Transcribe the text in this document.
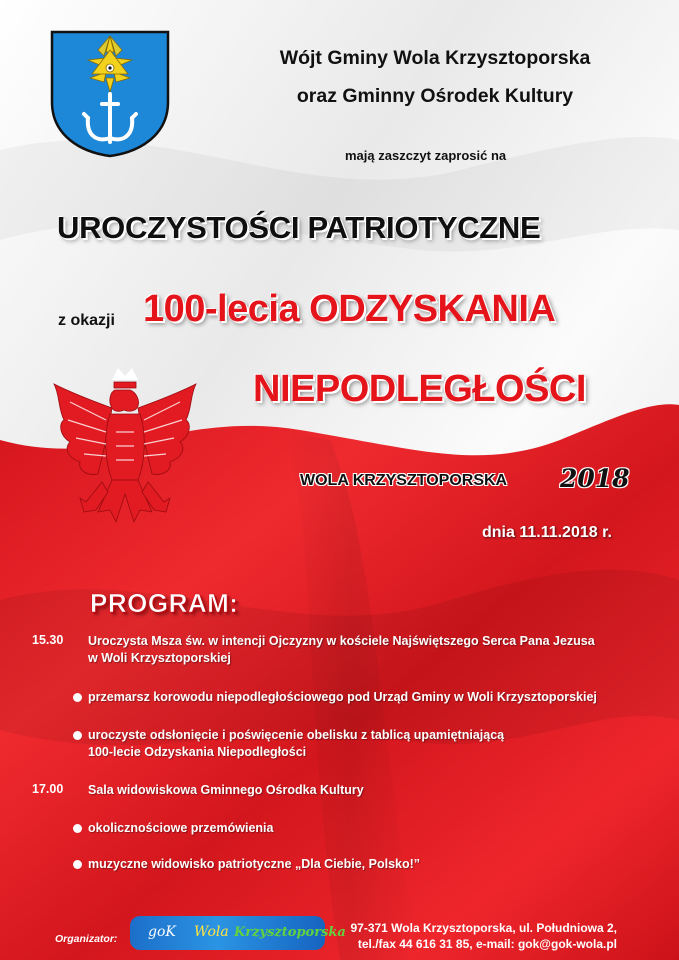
Wójt Gminy Wola Krzysztoporska
oraz Gminny Ośrodek Kultury
mają zaszczyt zaprosić na
UROCZYSTOŚCI PATRIOTYCZNE
z okazji 100-lecia ODZYSKANIA
NIEPODLEGŁOŚCI
WOLA KRZYSZTOPORSKA 2018
dnia 11.11.2018 r.
PROGRAM:
15.30 Uroczysta Msza św. w intencji Ojczyzny w kościele Najświętszego Serca Pana Jezusa
w Woli Krzysztoporskiej
przemarsz korowodu niepodległościowego pod Urząd Gminy w Woli Krzysztoporskiej
uroczyste odsłonięcie i poświęcenie obelisku z tablicą upamiętniającą
100-lecie Odzyskania Niepodległości
17.00 Sala widowiskowa Gminnego Ośrodka Kultury
okolicznościowe przemówienia
muzyczne widowisko patriotyczne „Dla Ciebie, Polsko!”
Organizator: goK Wola Krzysztoporska 97-371 Wola Krzysztoporska, ul. Południowa 2,
tel./fax 44 616 31 85, e-mail: gok@gok-wola.pl
